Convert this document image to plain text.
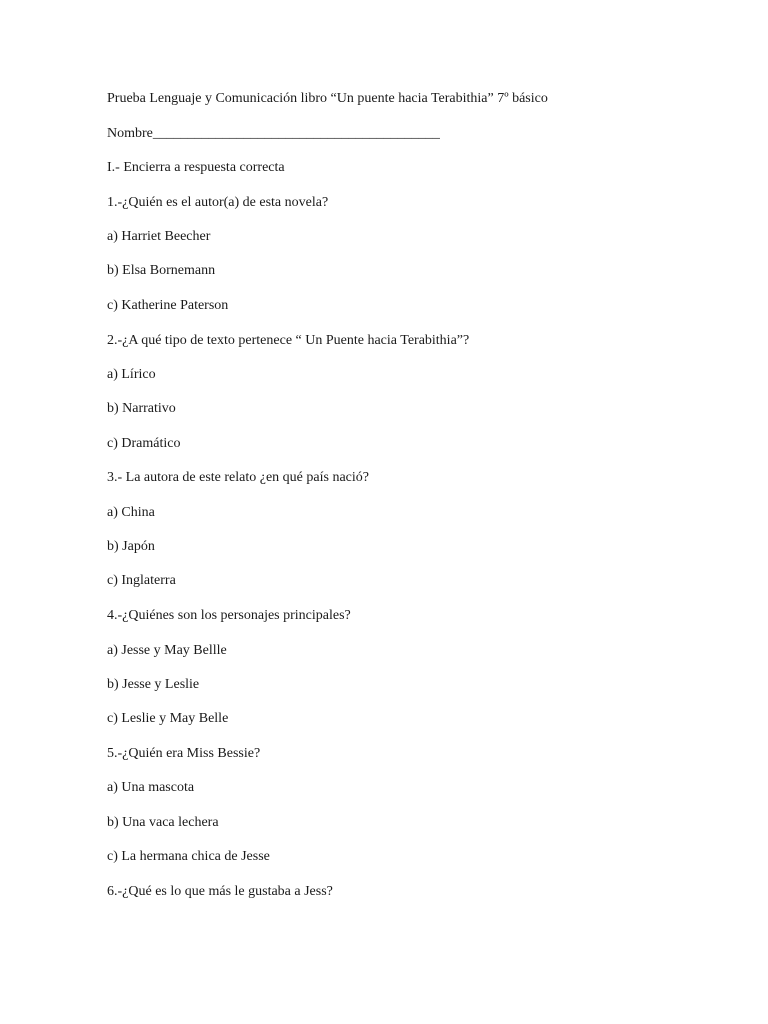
Prueba Lenguaje y Comunicación libro “Un puente hacia Terabithia” 7º básico
Nombre_________________________________________
I.- Encierra a respuesta correcta
1.-¿Quién es el autor(a) de esta novela?
a) Harriet Beecher
b) Elsa Bornemann
c) Katherine Paterson
2.-¿A qué tipo de texto pertenece “ Un Puente hacia Terabithia”?
a) Lírico
b) Narrativo
c) Dramático
3.- La autora de este relato ¿en qué país nació?
a) China
b) Japón
c) Inglaterra
4.-¿Quiénes son los personajes principales?
a) Jesse y May Bellle
b) Jesse y Leslie
c) Leslie y May Belle
5.-¿Quién era Miss Bessie?
a) Una mascota
b) Una vaca lechera
c) La hermana chica de Jesse
6.-¿Qué es lo que más le gustaba a Jess?
